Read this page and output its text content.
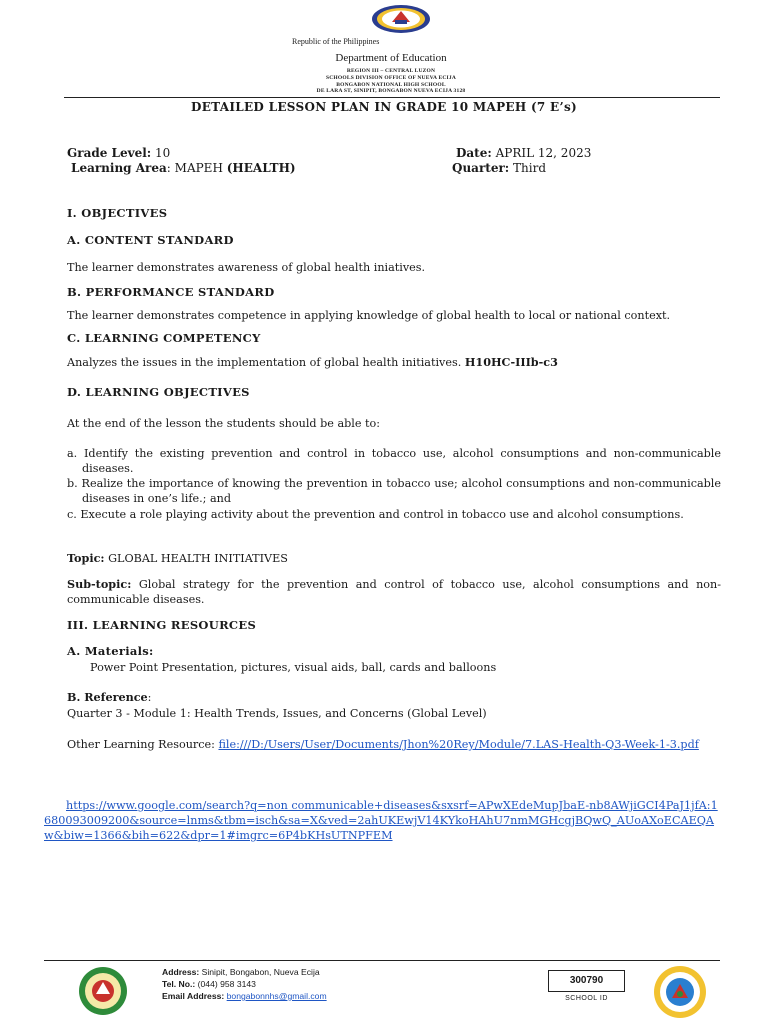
Republic of the Philippines
Department of Education
REGION III – CENTRAL LUZON
SCHOOLS DIVISION OFFICE OF NUEVA ECIJA
BONGABON NATIONAL HIGH SCHOOL
DE LARA ST, SINIPIT, BONGABON NUEVA ECIJA 3128
DETAILED LESSON PLAN IN GRADE 10 MAPEH (7 E’s)
Grade Level: 10	Date: APRIL 12, 2023
Learning Area: MAPEH (HEALTH)	Quarter: Third
I. OBJECTIVES
A. CONTENT STANDARD
The learner demonstrates awareness of global health iniatives.
B. PERFORMANCE STANDARD
The learner demonstrates competence in applying knowledge of global health to local or national context.
C. LEARNING COMPETENCY
Analyzes the issues in the implementation of global health initiatives. H10HC-IIIb-c3
D. LEARNING OBJECTIVES
At the end of the lesson the students should be able to:
a. Identify the existing prevention and control in tobacco use, alcohol consumptions and non-communicable diseases.
b. Realize the importance of knowing the prevention in tobacco use; alcohol consumptions and non-communicable diseases in one’s life.; and
c. Execute a role playing activity about the prevention and control in tobacco use and alcohol consumptions.
Topic: GLOBAL HEALTH INITIATIVES
Sub-topic: Global strategy for the prevention and control of tobacco use, alcohol consumptions and non-communicable diseases.
III. LEARNING RESOURCES
A. Materials:
Power Point Presentation, pictures, visual aids, ball, cards and balloons
B. Reference:
Quarter 3 - Module 1: Health Trends, Issues, and Concerns (Global Level)
Other Learning Resource: file:///D:/Users/User/Documents/Jhon%20Rey/Module/7.LAS-Health-Q3-Week-1-3.pdf
https://www.google.com/search?q=non communicable+diseases&sxsrf=APwXEdeMupJbaE-nb8AWjiGCI4PaJ1jfA:1680093009200&source=lnms&tbm=isch&sa=X&ved=2ahUKEwjV14KYkoHAhU7nmMGHcgjBQwQ_AUoAXoECAEQAw&biw=1366&bih=622&dpr=1#imgrc=6P4bKHsUTNPFEM
Address: Sinipit, Bongabon, Nueva Ecija
Tel. No.: (044) 958 3143
Email Address: bongabonnhs@gmail.com
300790
SCHOOL ID
